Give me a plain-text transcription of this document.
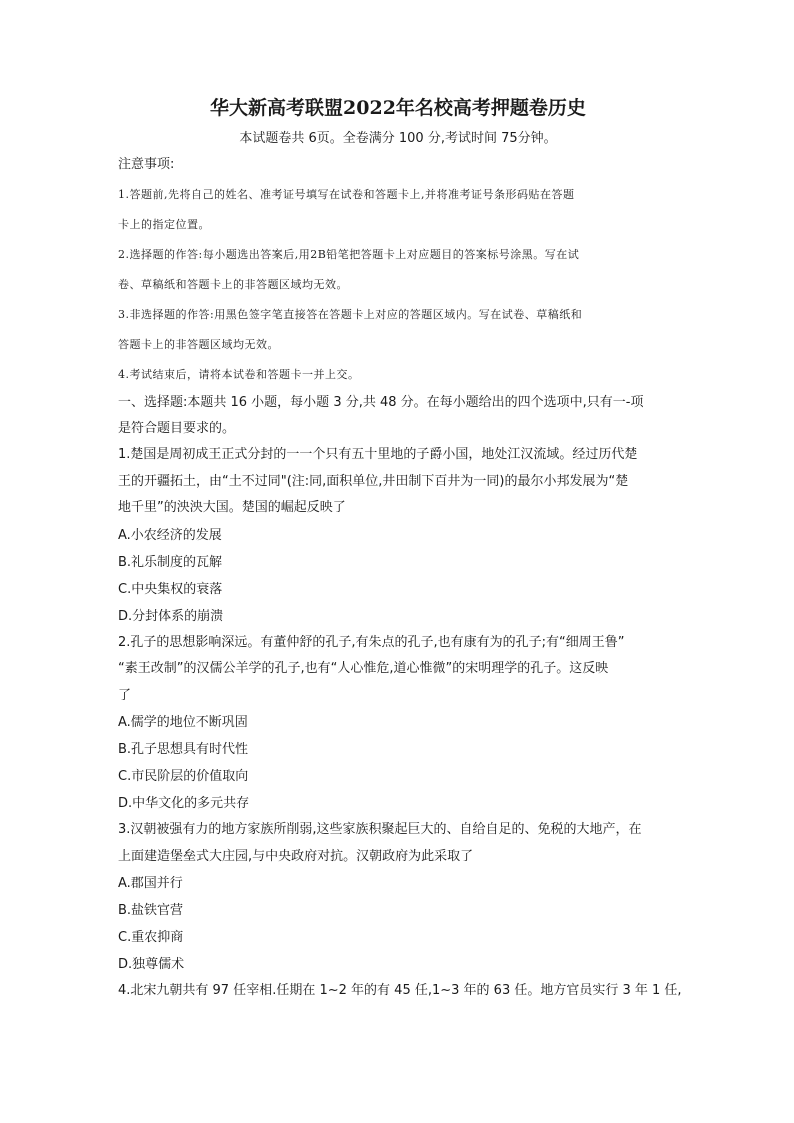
华大新高考联盟2022年名校高考押题卷历史
本试题卷共 6页。全卷满分 100 分,考试时间 75分钟。
注意事项:
1.答题前,先将自己的姓名、准考证号填写在试卷和答题卡上,并将准考证号条形码贴在答题
卡上的指定位置。
2.选择题的作答:每小题选出答案后,用2B铅笔把答题卡上对应题目的答案标号涂黑。写在试
卷、草稿纸和答题卡上的非答题区域均无效。
3.非选择题的作答:用黑色签字笔直接答在答题卡上对应的答题区域内。写在试卷、草稿纸和
答题卡上的非答题区域均无效。
4.考试结束后，请将本试卷和答题卡一并上交。
一、选择题:本题共 16 小题，每小题 3 分,共 48 分。在每小题给出的四个选项中,只有一-项
是符合题目要求的。
1.楚国是周初成王正式分封的一一个只有五十里地的子爵小国，地处江汉流域。经过历代楚
王的开疆拓土，由“土不过同"(注:同,面积单位,井田制下百井为一同)的最尔小邦发展为“楚
地千里”的泱泱大国。楚国的崛起反映了
A.小农经济的发展
B.礼乐制度的瓦解
C.中央集权的衰落
D.分封体系的崩溃
2.孔子的思想影响深远。有董仲舒的孔子,有朱点的孔子,也有康有为的孔子;有“细周王鲁”
“素王改制”的汉儒公羊学的孔子,也有“人心惟危,道心惟微”的宋明理学的孔子。这反映
了
A.儒学的地位不断巩固
B.孔子思想具有时代性
C.市民阶层的价值取向
D.中华文化的多元共存
3.汉朝被强有力的地方家族所削弱,这些家族积聚起巨大的、自给自足的、免税的大地产，在
上面建造堡垒式大庄园,与中央政府对抗。汉朝政府为此采取了
A.郡国并行
B.盐铁官营
C.重农抑商
D.独尊儒术
4.北宋九朝共有 97 任宰相.任期在 1~2 年的有 45 任,1~3 年的 63 任。地方官员实行 3 年 1 任,
